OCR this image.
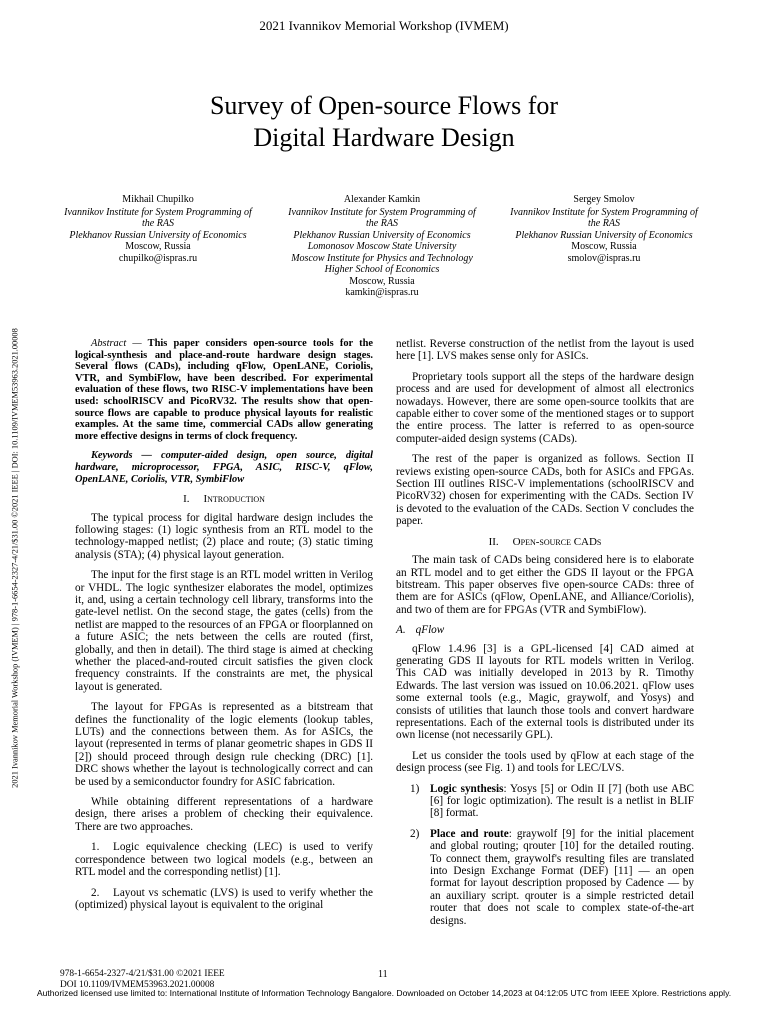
2021 Ivannikov Memorial Workshop (IVMEM)
Survey of Open-source Flows for
Digital Hardware Design
Mikhail Chupilko
Ivannikov Institute for System Programming of the RAS
Plekhanov Russian University of Economics
Moscow, Russia
chupilko@ispras.ru
Alexander Kamkin
Ivannikov Institute for System Programming of the RAS
Plekhanov Russian University of Economics
Lomonosov Moscow State University
Moscow Institute for Physics and Technology
Higher School of Economics
Moscow, Russia
kamkin@ispras.ru
Sergey Smolov
Ivannikov Institute for System Programming of the RAS
Plekhanov Russian University of Economics
Moscow, Russia
smolov@ispras.ru
2021 Ivannikov Memorial Workshop (IVMEM) | 978-1-6654-2327-4/21/$31.00 ©2021 IEEE | DOI: 10.1109/IVMEM53963.2021.00008	Abstract — This paper considers open-source tools for the logical-synthesis and place-and-route hardware design stages. Several flows (CADs), including qFlow, OpenLANE, Coriolis, VTR, and SymbiFlow, have been described. For experimental evaluation of these flows, two RISC-V implementations have been used: schoolRISCV and PicoRV32. The results show that open-source flows are capable to produce physical layouts for realistic examples. At the same time, commercial CADs allow generating more effective designs in terms of clock frequency.
Keywords — computer-aided design, open source, digital hardware, microprocessor, FPGA, ASIC, RISC-V, qFlow, OpenLANE, Coriolis, VTR, SymbiFlow
I. Introduction

The typical process for digital hardware design includes the following stages: (1) logic synthesis from an RTL model to the technology-mapped netlist; (2) place and route; (3) static timing analysis (STA); (4) physical layout generation.

The input for the first stage is an RTL model written in Verilog or VHDL. The logic synthesizer elaborates the model, optimizes it, and, using a certain technology cell library, transforms into the gate-level netlist. On the second stage, the gates (cells) from the netlist are mapped to the resources of an FPGA or floorplanned on a future ASIC; the nets between the cells are routed (first, globally, and then in detail). The third stage is aimed at checking whether the placed-and-routed circuit satisfies the given clock frequency constraints. If the constraints are met, the physical layout is generated.

The layout for FPGAs is represented as a bitstream that defines the functionality of the logic elements (lookup tables, LUTs) and the connections between them. As for ASICs, the layout (represented in terms of planar geometric shapes in GDS II [2]) should proceed through design rule checking (DRC) [1]. DRC shows whether the layout is technologically correct and can be used by a semiconductor foundry for ASIC fabrication.

While obtaining different representations of a hardware design, there arises a problem of checking their equivalence. There are two approaches.

1. Logic equivalence checking (LEC) is used to verify correspondence between two logical models (e.g., between an RTL model and the corresponding netlist) [1].

2. Layout vs schematic (LVS) is used to verify whether the (optimized) physical layout is equivalent to the original

netlist. Reverse construction of the netlist from the layout is used here [1]. LVS makes sense only for ASICs.

Proprietary tools support all the steps of the hardware design process and are used for development of almost all electronics nowadays. However, there are some open-source toolkits that are capable either to cover some of the mentioned stages or to support the entire process. The latter is referred to as open-source computer-aided design systems (CADs).

The rest of the paper is organized as follows. Section II reviews existing open-source CADs, both for ASICs and FPGAs. Section III outlines RISC-V implementations (schoolRISCV and PicoRV32) chosen for experimenting with the CADs. Section IV is devoted to the evaluation of the CADs. Section V concludes the paper.

II. Open-source CADs

The main task of CADs being considered here is to elaborate an RTL model and to get either the GDS II layout or the FPGA bitstream. This paper observes five open-source CADs: three of them are for ASICs (qFlow, OpenLANE, and Alliance/Coriolis), and two of them are for FPGAs (VTR and SymbiFlow).

A. qFlow

qFlow 1.4.96 [3] is a GPL-licensed [4] CAD aimed at generating GDS II layouts for RTL models written in Verilog. This CAD was initially developed in 2013 by R. Timothy Edwards. The last version was issued on 10.06.2021. qFlow uses some external tools (e.g., Magic, graywolf, and Yosys) and consists of utilities that launch those tools and convert hardware representations. Each of the external tools is distributed under its own license (not necessarily GPL).

Let us consider the tools used by qFlow at each stage of the design process (see Fig. 1) and tools for LEC/LVS.

1) Logic synthesis: Yosys [5] or Odin II [7] (both use ABC [6] for logic optimization). The result is a netlist in BLIF [8] format.
2) Place and route: graywolf [9] for the initial placement and global routing; qrouter [10] for the detailed routing. To connect them, graywolf's resulting files are translated into Design Exchange Format (DEF) [11] — an open format for layout description proposed by Cadence — by an auxiliary script. qrouter is a simple restricted detail router that does not scale to complex state-of-the-art designs.
978-1-6654-2327-4/21/$31.00 ©2021 IEEE
DOI 10.1109/IVMEM53963.2021.00008
11
Authorized licensed use limited to: International Institute of Information Technology Bangalore. Downloaded on October 14,2023 at 04:12:05 UTC from IEEE Xplore. Restrictions apply.
